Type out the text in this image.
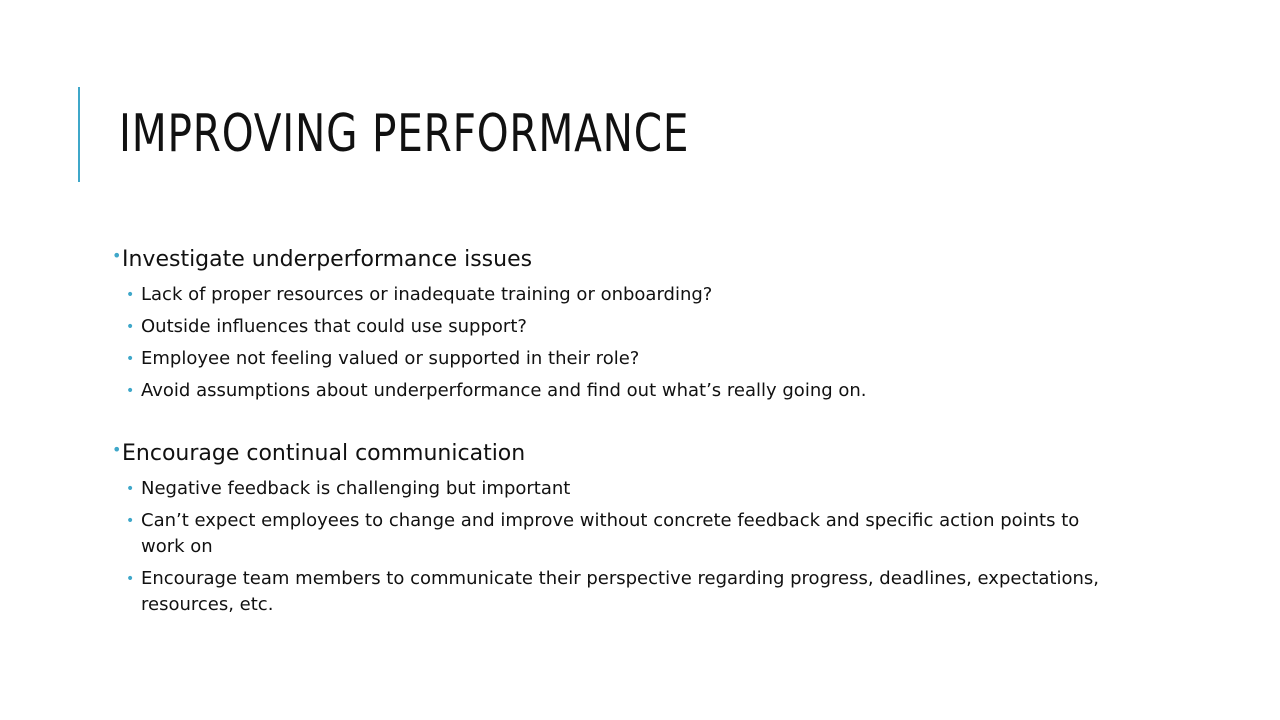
IMPROVING PERFORMANCE
• Investigate underperformance issues
• Lack of proper resources or inadequate training or onboarding?
• Outside influences that could use support?
• Employee not feeling valued or supported in their role?
• Avoid assumptions about underperformance and find out what’s really going on.
• Encourage continual communication
• Negative feedback is challenging but important
• Can’t expect employees to change and improve without concrete feedback and specific action points to work on
• Encourage team members to communicate their perspective regarding progress, deadlines, expectations, resources, etc.
